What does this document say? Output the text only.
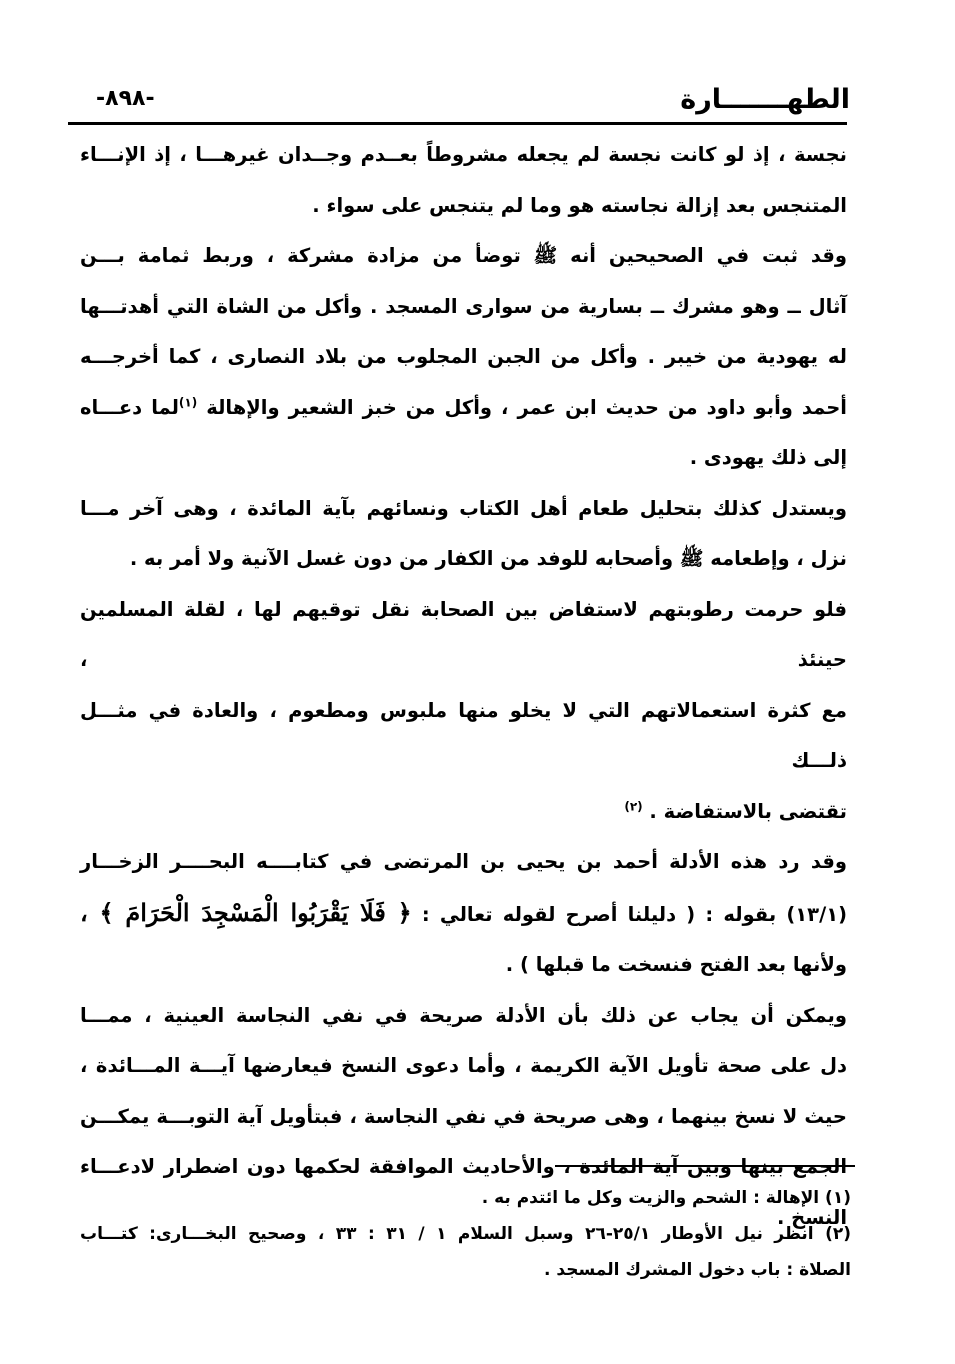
الطهـــــــارة
-٨٩٨-

نجسة ، إذ لو كانت نجسة لم يجعله مشروطاً بعــدم وجــدان غيرهـــا ، إذ الإنـــاء
المتنجس بعد إزالة نجاسته هو وما لم يتنجس على سواء .

وقد ثبت في الصحيحين أنه ﷺ توضأ من مزادة مشركة ، وربط ثمامة بـــن
آثال ــ وهو مشرك ــ بسارية من سوارى المسجد . وأكل من الشاة التي أهدتـــها
له يهودية من خيبر . وأكل من الجبن المجلوب من بلاد النصارى ، كما أخرجـــه
أحمد وأبو داود من حديث ابن عمر ، وأكل من خبز الشعير والإهالة $^{(١)}$لما دعـــاه
إلى ذلك يهودى .

ويستدل كذلك بتحليل طعام أهل الكتاب ونسائهم بآية المائدة ، وهى آخر مـــا
نزل ، وإطعامه ﷺ وأصحابه للوفد من الكفار من دون غسل الآنية ولا أمر به .

فلو حرمت رطوبتهم لاستفاض بين الصحابة نقل توقيهم لها ، لقلة المسلمين حينئذ ،
مع كثرة استعمالاتهم التي لا يخلو منها ملبوس ومطعوم ، والعادة في مثـــل ذلـــك
تقتضى بالاستفاضة . $^{(٢)}$

وقد رد هذه الأدلة أحمد بن يحيى بن المرتضى في كتابــــه البحــــر الزخـــار
(١٣/١) بقوله : ( دليلنا أصرح لقوله تعالي : ﴿ فَلَا يَقْرَبُوا الْمَسْجِدَ الْحَرَامَ ﴾ ،
ولأنها بعد الفتح فنسخت ما قبلها ) .

ويمكن أن يجاب عن ذلك بأن الأدلة صريحة في نفي النجاسة العينية ، ممـــا
دل على صحة تأويل الآية الكريمة ، وأما دعوى النسخ فيعارضها آيـــة المـــائدة ،
حيث لا نسخ بينهما ، وهى صريحة في نفي النجاسة ، فبتأويل آية التوبـــة يمكـــن
الجمع بينها وبين آية المائدة ، والأحاديث الموافقة لحكمها دون اضطرار لادعـــاء
النسخ .

(١) الإهالة : الشحم والزيت وكل ما ائتدم به .

(٢) انظر نيل الأوطار ٢٥/١-٢٦ وسبل السلام ١ / ٣١ : ٣٣ ، وصحيح البخـــارى: كتـــاب
الصلاة : باب دخول المشرك المسجد .
